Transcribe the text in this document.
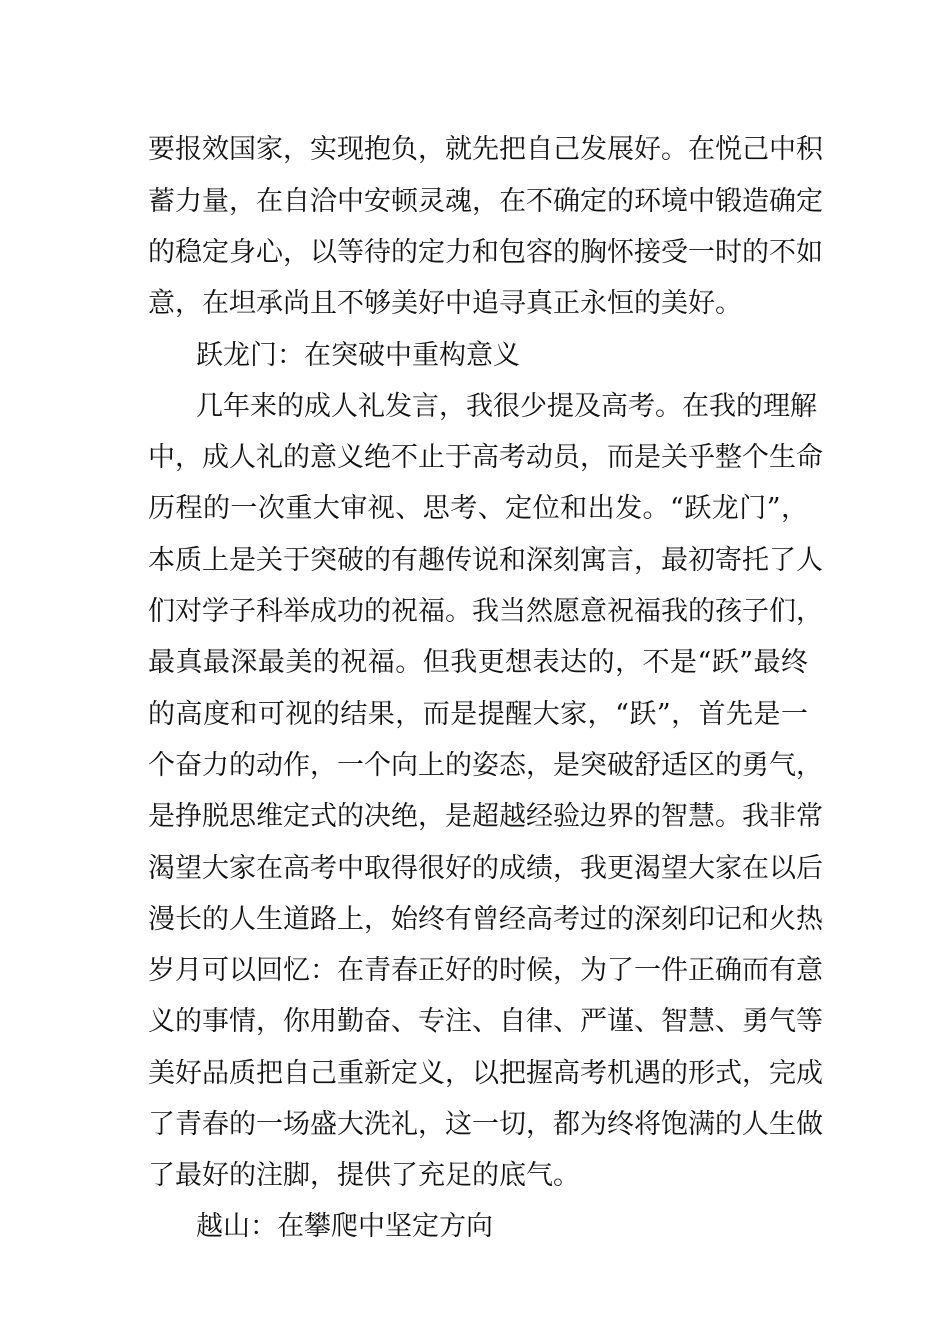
要报效国家，实现抱负，就先把自己发展好。在悦己中积
蓄力量，在自洽中安顿灵魂，在不确定的环境中锻造确定
的稳定身心，以等待的定力和包容的胸怀接受一时的不如
意，在坦承尚且不够美好中追寻真正永恒的美好。
跃龙门：在突破中重构意义
几年来的成人礼发言，我很少提及高考。在我的理解
中，成人礼的意义绝不止于高考动员，而是关乎整个生命
历程的一次重大审视、思考、定位和出发。“跃龙门”，
本质上是关于突破的有趣传说和深刻寓言，最初寄托了人
们对学子科举成功的祝福。我当然愿意祝福我的孩子们，
最真最深最美的祝福。但我更想表达的，不是“跃”最终
的高度和可视的结果，而是提醒大家，“跃”，首先是一
个奋力的动作，一个向上的姿态，是突破舒适区的勇气，
是挣脱思维定式的决绝，是超越经验边界的智慧。我非常
渴望大家在高考中取得很好的成绩，我更渴望大家在以后
漫长的人生道路上，始终有曾经高考过的深刻印记和火热
岁月可以回忆：在青春正好的时候，为了一件正确而有意
义的事情，你用勤奋、专注、自律、严谨、智慧、勇气等
美好品质把自己重新定义，以把握高考机遇的形式，完成
了青春的一场盛大洗礼，这一切，都为终将饱满的人生做
了最好的注脚，提供了充足的底气。
越山：在攀爬中坚定方向
